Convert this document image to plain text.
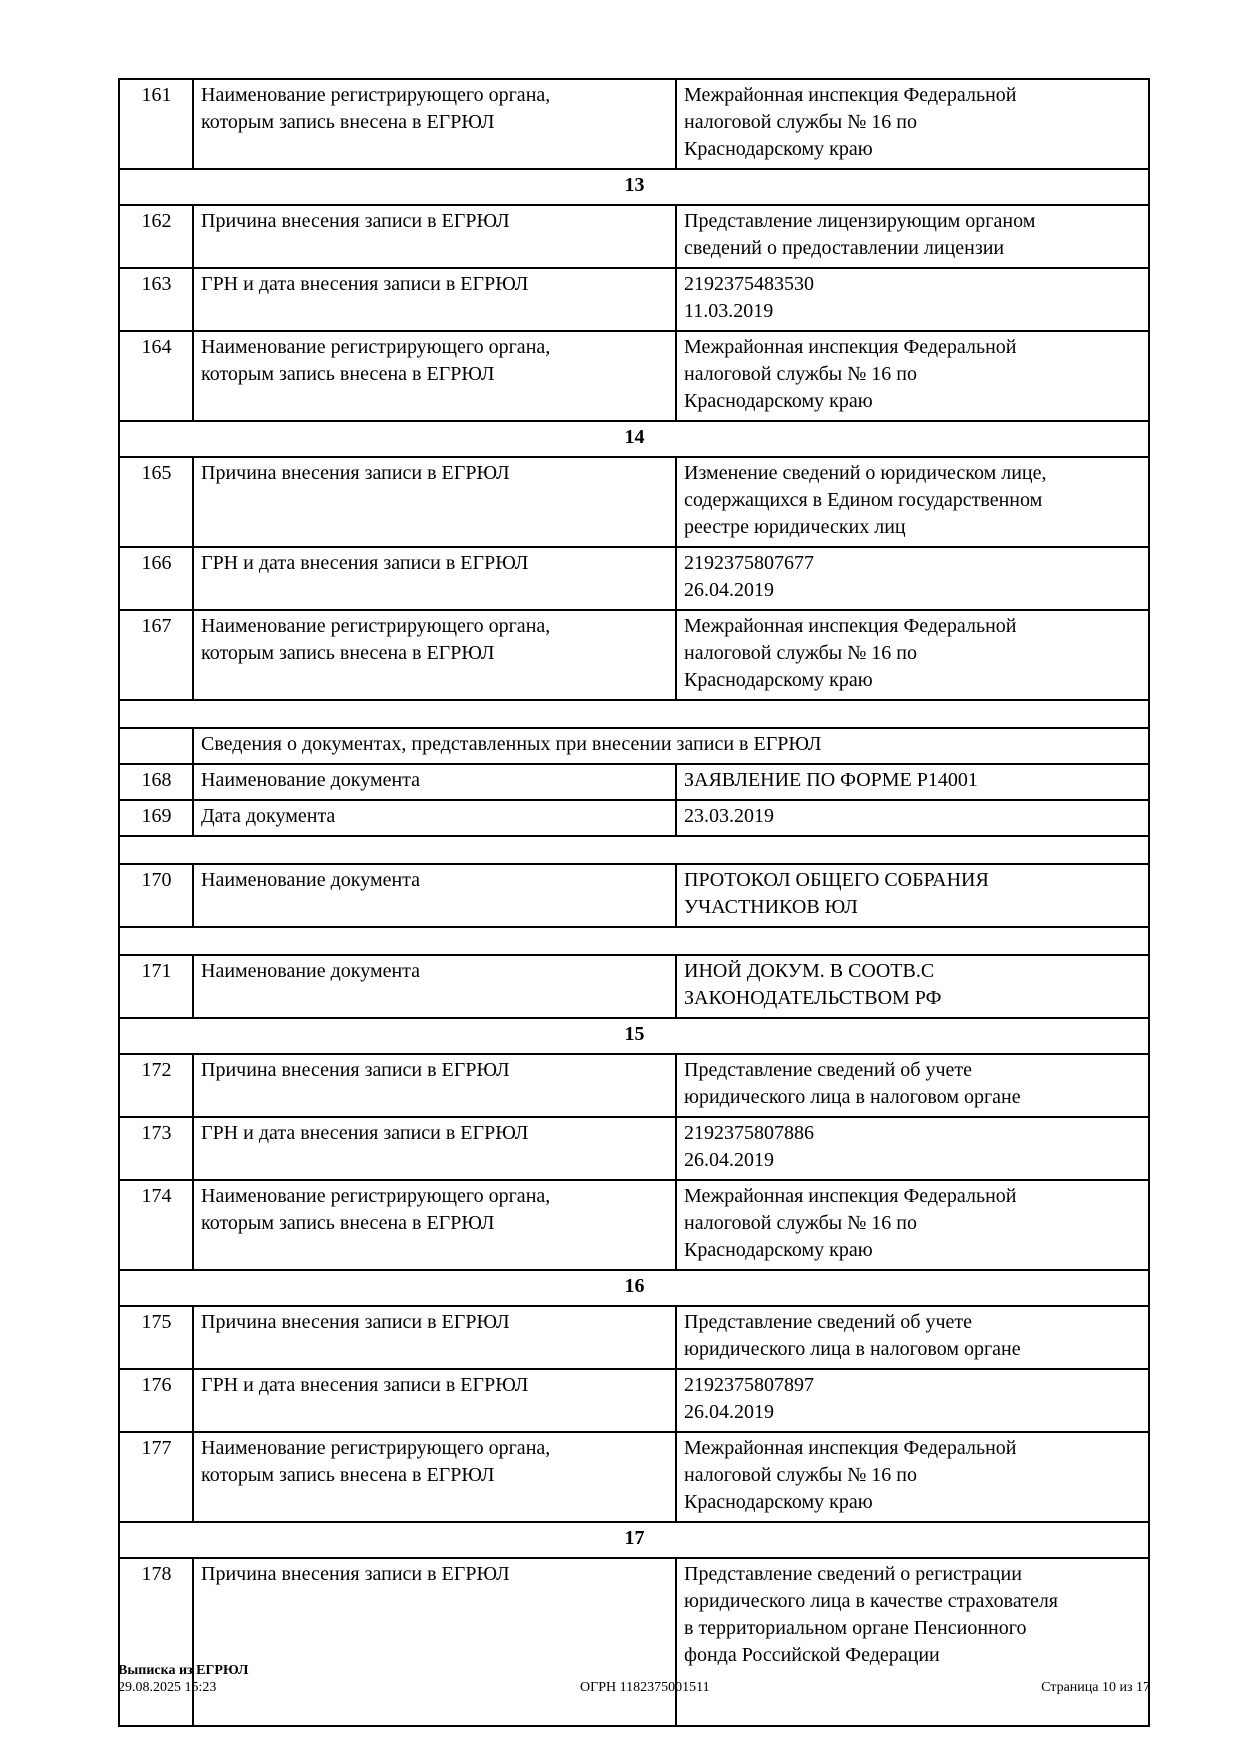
161	Наименование регистрирующего органа,
которым запись внесена в ЕГРЮЛ	Межрайонная инспекция Федеральной
налоговой службы № 16 по
Краснодарскому краю
13		
162	Причина внесения записи в ЕГРЮЛ	Представление лицензирующим органом
сведений о предоставлении лицензии
163	ГРН и дата внесения записи в ЕГРЮЛ	2192375483530
11.03.2019
164	Наименование регистрирующего органа,
которым запись внесена в ЕГРЮЛ	Межрайонная инспекция Федеральной
налоговой службы № 16 по
Краснодарскому краю
14		
165	Причина внесения записи в ЕГРЮЛ	Изменение сведений о юридическом лице,
содержащихся в Едином государственном
реестре юридических лиц
166	ГРН и дата внесения записи в ЕГРЮЛ	2192375807677
26.04.2019
167	Наименование регистрирующего органа,
которым запись внесена в ЕГРЮЛ	Межрайонная инспекция Федеральной
налоговой службы № 16 по
Краснодарскому краю

	Сведения о документах, представленных при внесении записи в ЕГРЮЛ	
168	Наименование документа	ЗАЯВЛЕНИЕ ПО ФОРМЕ Р14001
169	Дата документа	23.03.2019

170	Наименование документа	ПРОТОКОЛ ОБЩЕГО СОБРАНИЯ
УЧАСТНИКОВ ЮЛ

171	Наименование документа	ИНОЙ ДОКУМ. В СООТВ.С
ЗАКОНОДАТЕЛЬСТВОМ РФ
15		
172	Причина внесения записи в ЕГРЮЛ	Представление сведений об учете
юридического лица в налоговом органе
173	ГРН и дата внесения записи в ЕГРЮЛ	2192375807886
26.04.2019
174	Наименование регистрирующего органа,
которым запись внесена в ЕГРЮЛ	Межрайонная инспекция Федеральной
налоговой службы № 16 по
Краснодарскому краю
16		
175	Причина внесения записи в ЕГРЮЛ	Представление сведений об учете
юридического лица в налоговом органе
176	ГРН и дата внесения записи в ЕГРЮЛ	2192375807897
26.04.2019
177	Наименование регистрирующего органа,
которым запись внесена в ЕГРЮЛ	Межрайонная инспекция Федеральной
налоговой службы № 16 по
Краснодарскому краю
17		
178	Причина внесения записи в ЕГРЮЛ	Представление сведений о регистрации
юридического лица в качестве страхователя
в территориальном органе Пенсионного
фонда Российской Федерации
Выписка из ЕГРЮЛ
29.08.2025 15:23	ОГРН 1182375001511	Страница 10 из 17
